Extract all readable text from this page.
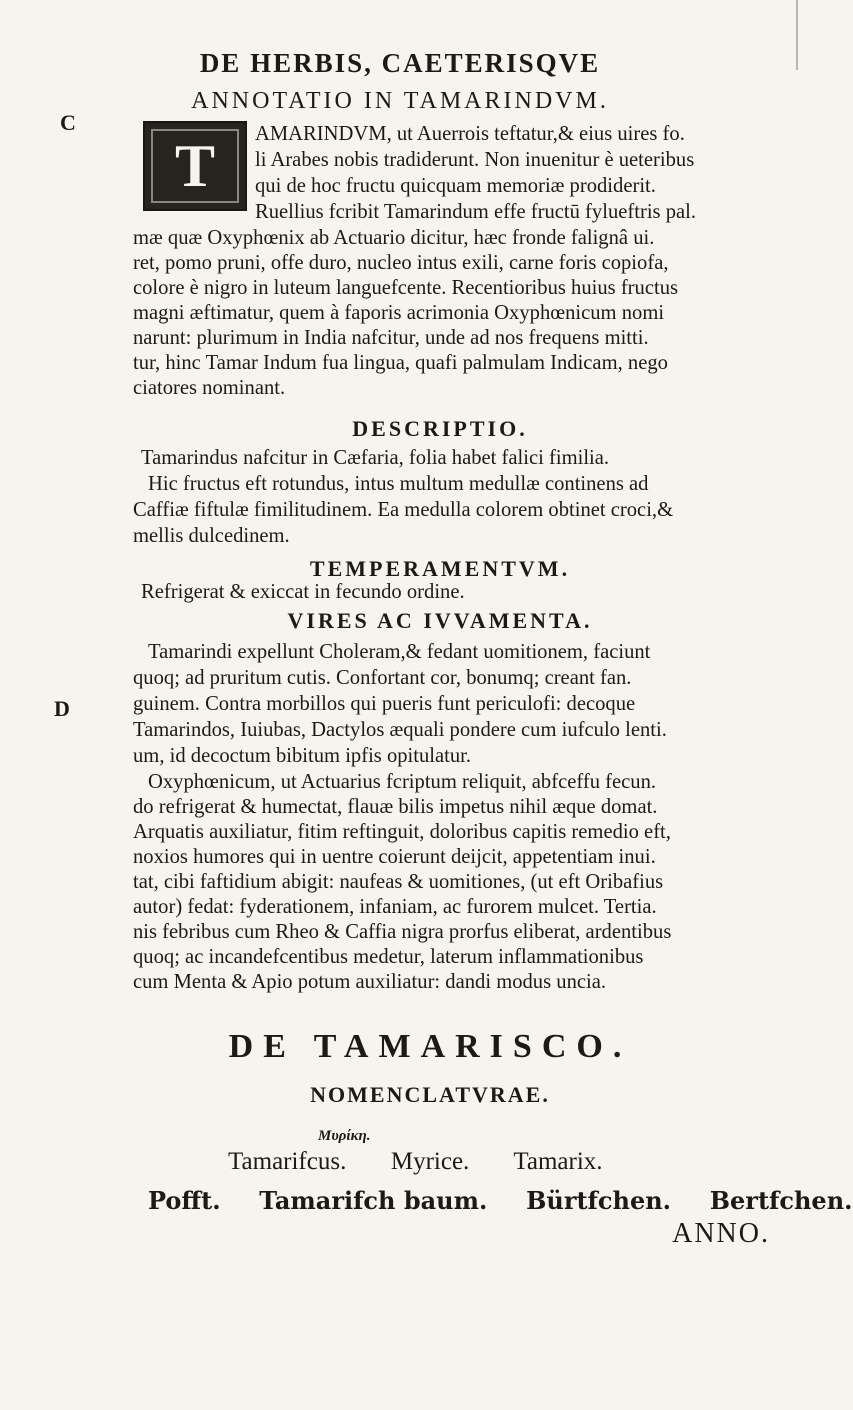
DE HERBIS, CAETERISQVE
ANNOTATIO IN TAMARINDVM.
C
D
T AMARINDVM, ut Auerrois teftatur,& eius uires fo.
li Arabes nobis tradiderunt. Non inuenitur è ueteribus
qui de hoc fructu quicquam memoriæ prodiderit.
Ruellius fcribit Tamarindum effe fructū fylueftris pal.
mæ quæ Oxyphœnix ab Actuario dicitur, hæc fronde falignâ ui.
ret, pomo pruni, offe duro, nucleo intus exili, carne foris copiofa,
colore è nigro in luteum languefcente. Recentioribus huius fructus
magni æftimatur, quem à faporis acrimonia Oxyphœnicum nomi
narunt: plurimum in India nafcitur, unde ad nos frequens mitti.
tur, hinc Tamar Indum fua lingua, quafi palmulam Indicam, nego
ciatores nominant.
DESCRIPTIO.
Tamarindus nafcitur in Cæfaria, folia habet falici fimilia.
Hic fructus eft rotundus, intus multum medullæ continens ad
Caffiæ fiftulæ fimilitudinem. Ea medulla colorem obtinet croci,&
mellis dulcedinem.
TEMPERAMENTVM.
Refrigerat & exiccat in fecundo ordine.
VIRES AC IVVAMENTA.
Tamarindi expellunt Choleram,& fedant uomitionem, faciunt
quoq; ad pruritum cutis. Confortant cor, bonumq; creant fan.
guinem. Contra morbillos qui pueris funt periculofi: decoque
Tamarindos, Iuiubas, Dactylos æquali pondere cum iufculo lenti.
um, id decoctum bibitum ipfis opitulatur.
Oxyphœnicum, ut Actuarius fcriptum reliquit, abfceffu fecun.
do refrigerat & humectat, flauæ bilis impetus nihil æque domat.
Arquatis auxiliatur, fitim reftinguit, doloribus capitis remedio eft,
noxios humores qui in uentre coierunt deijcit, appetentiam inui.
tat, cibi faftidium abigit: naufeas & uomitiones, (ut eft Oribafius
autor) fedat: fyderationem, infaniam, ac furorem mulcet. Tertia.
nis febribus cum Rheo & Caffia nigra prorfus eliberat, ardentibus
quoq; ac incandefcentibus medetur, laterum inflammationibus
cum Menta & Apio potum auxiliatur: dandi modus uncia.
DE TAMARISCO.
NOMENCLATVRAE.
Μυρίκη.
Tamarifcus. Myrice. Tamarix.
Pofft. Tamarifch baum. Bürtfchen. Bertfchen.
ANNO.
